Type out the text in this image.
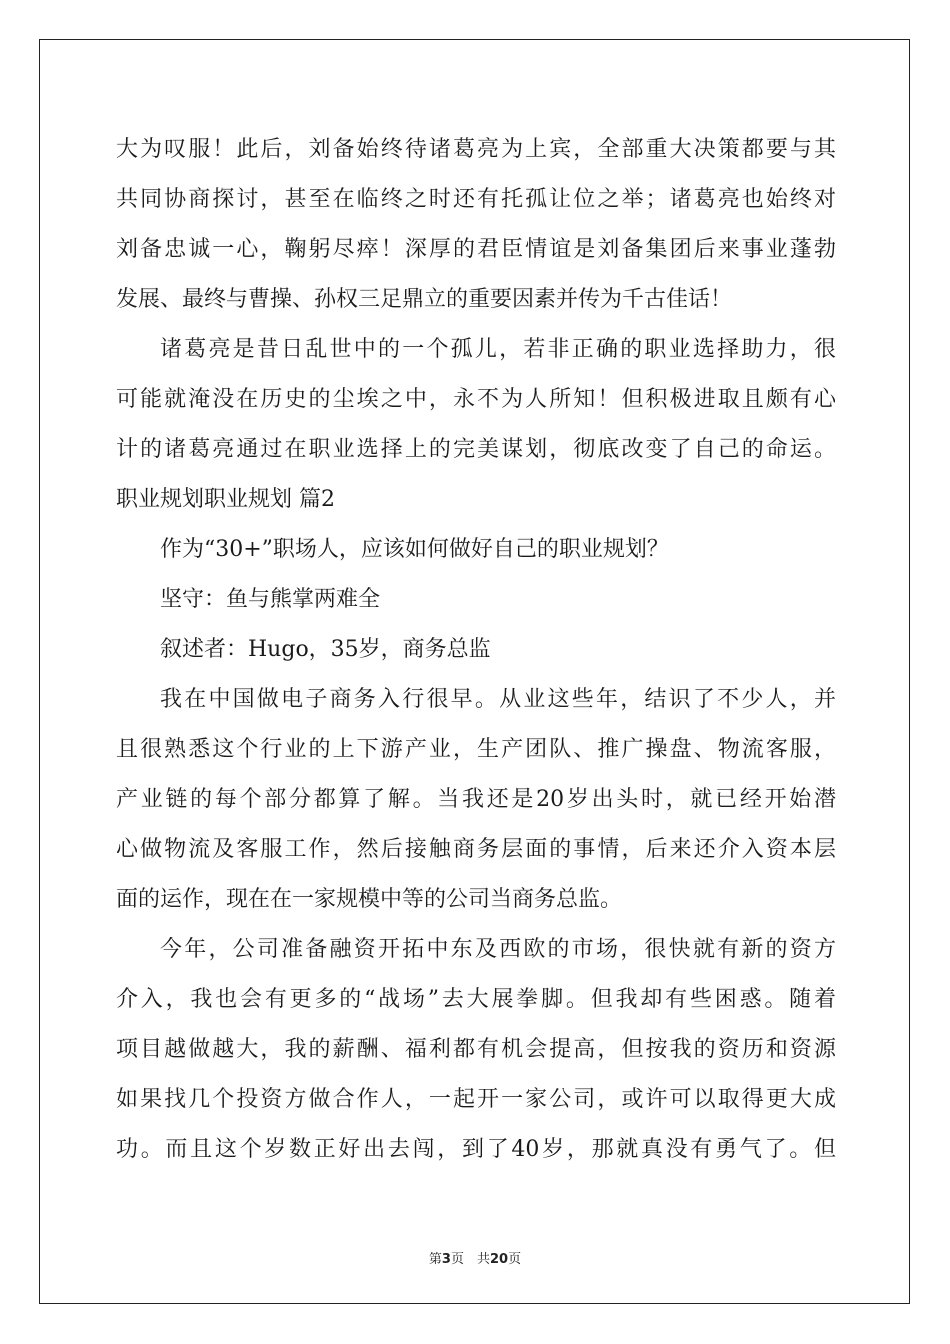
大为叹服！此后，刘备始终待诸葛亮为上宾，全部重大决策都要与其
共同协商探讨，甚至在临终之时还有托孤让位之举；诸葛亮也始终对
刘备忠诚一心，鞠躬尽瘁！深厚的君臣情谊是刘备集团后来事业蓬勃
发展、最终与曹操、孙权三足鼎立的重要因素并传为千古佳话！
诸葛亮是昔日乱世中的一个孤儿，若非正确的职业选择助力，很
可能就淹没在历史的尘埃之中，永不为人所知！但积极进取且颇有心
计的诸葛亮通过在职业选择上的完美谋划，彻底改变了自己的命运。
职业规划职业规划 篇2
作为“30+”职场人，应该如何做好自己的职业规划？
坚守：鱼与熊掌两难全
叙述者：Hugo，35岁，商务总监
我在中国做电子商务入行很早。从业这些年，结识了不少人，并
且很熟悉这个行业的上下游产业，生产团队、推广操盘、物流客服，
产业链的每个部分都算了解。当我还是20岁出头时，就已经开始潜
心做物流及客服工作，然后接触商务层面的事情，后来还介入资本层
面的运作，现在在一家规模中等的公司当商务总监。
今年，公司准备融资开拓中东及西欧的市场，很快就有新的资方
介入，我也会有更多的“战场”去大展拳脚。但我却有些困惑。随着
项目越做越大，我的薪酬、福利都有机会提高，但按我的资历和资源
如果找几个投资方做合作人，一起开一家公司，或许可以取得更大成
功。而且这个岁数正好出去闯，到了40岁，那就真没有勇气了。但
第3页　共20页
